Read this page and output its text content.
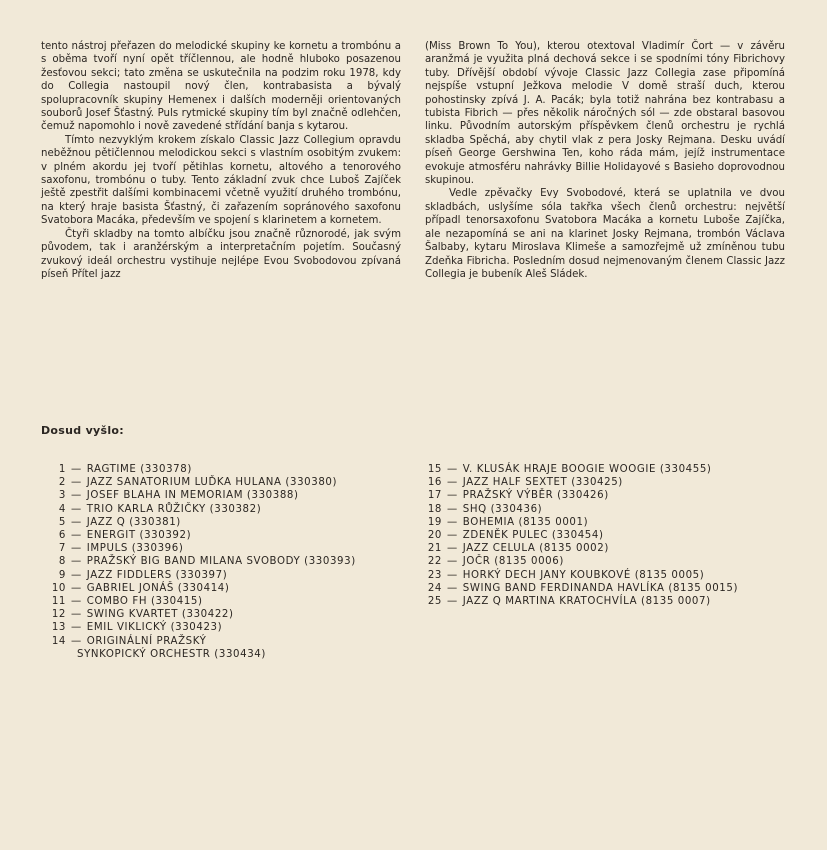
tento nástroj přeřazen do melodické skupiny ke kornetu a trombónu a s oběma tvoří nyní opět tříčlennou, ale hodně hluboko posazenou žesťovou sekci; tato změna se uskutečnila na podzim roku 1978, kdy do Collegia nastoupil nový člen, kontrabasista a bývalý spolupracovník skupiny Hemenex i dalších moderněji orientovaných souborů Josef Šťastný. Puls rytmické skupiny tím byl značně odlehčen, čemuž napomohlo i nově zavedené střídání banja s kytarou.

Tímto nezvyklým krokem získalo Classic Jazz Collegium opravdu neběžnou pětičlennou melodickou sekci s vlastním osobitým zvukem: v plném akordu jej tvoří pětihlas kornetu, altového a tenorového saxofonu, trombónu o tuby. Tento základní zvuk chce Luboš Zajíček ještě zpestřit dalšími kombinacemi včetně využití druhého trombónu, na který hraje basista Šťastný, či zařazením sopránového saxofonu Svatobora Macáka, především ve spojení s klarinetem a kornetem.

Čtyři skladby na tomto albíčku jsou značně různorodé, jak svým původem, tak i aranžérským a interpretačním pojetím. Současný zvukový ideál orchestru vystihuje nejlépe Evou Svobodovou zpívaná píseň Přítel jazz

(Miss Brown To You), kterou otextoval Vladimír Čort — v závěru aranžmá je využita plná dechová sekce i se spodními tóny Fibrichovy tuby. Dřívější období vývoje Classic Jazz Collegia zase připomíná nejspíše vstupní Ježkova melodie V domě straší duch, kterou pohostinsky zpívá J. A. Pacák; byla totiž nahrána bez kontrabasu a tubista Fibrich — přes několik náročných sól — zde obstaral basovou linku. Původním autorským příspěvkem členů orchestru je rychlá skladba Spěchá, aby chytil vlak z pera Josky Rejmana. Desku uvádí píseň George Gershwina Ten, koho ráda mám, jejíž instrumentace evokuje atmosféru nahrávky Billie Holidayové s Basieho doprovodnou skupinou.

Vedle zpěvačky Evy Svobodové, která se uplatnila ve dvou skladbách, uslyšíme sóla takřka všech členů orchestru: největší případl tenorsaxofonu Svatobora Macáka a kornetu Luboše Zajíčka, ale nezapomíná se ani na klarinet Josky Rejmana, trombón Václava Šalbaby, kytaru Miroslava Klimeše a samozřejmě už zmíněnou tubu Zdeňka Fibricha. Posledním dosud nejmenovaným členem Classic Jazz Collegia je bubeník Aleš Sládek.

Dosud vyšlo:
1 — RAGTIME (330378)
2 — JAZZ SANATORIUM LUĎKA HULANA (330380)
3 — JOSEF BLAHA IN MEMORIAM (330388)
4 — TRIO KARLA RŮŽIČKY (330382)
5 — JAZZ Q (330381)
6 — ENERGIT (330392)
7 — IMPULS (330396)
8 — PRAŽSKÝ BIG BAND MILANA SVOBODY (330393)
9 — JAZZ FIDDLERS (330397)
10 — GABRIEL JONÁŠ (330414)
11 — COMBO FH (330415)
12 — SWING KVARTET (330422)
13 — EMIL VIKLICKÝ (330423)
14 — ORIGINÁLNÍ PRAŽSKÝ
SYNKOPICKÝ ORCHESTR (330434)
15 — V. KLUSÁK HRAJE BOOGIE WOOGIE (330455)
16 — JAZZ HALF SEXTET (330425)
17 — PRAŽSKÝ VÝBĚR (330426)
18 — SHQ (330436)
19 — BOHEMIA (8135 0001)
20 — ZDENĚK PULEC (330454)
21 — JAZZ CELULA (8135 0002)
22 — JOČR (8135 0006)
23 — HORKÝ DECH JANY KOUBKOVÉ (8135 0005)
24 — SWING BAND FERDINANDA HAVLÍKA (8135 0015)
25 — JAZZ Q MARTINA KRATOCHVÍLA (8135 0007)
